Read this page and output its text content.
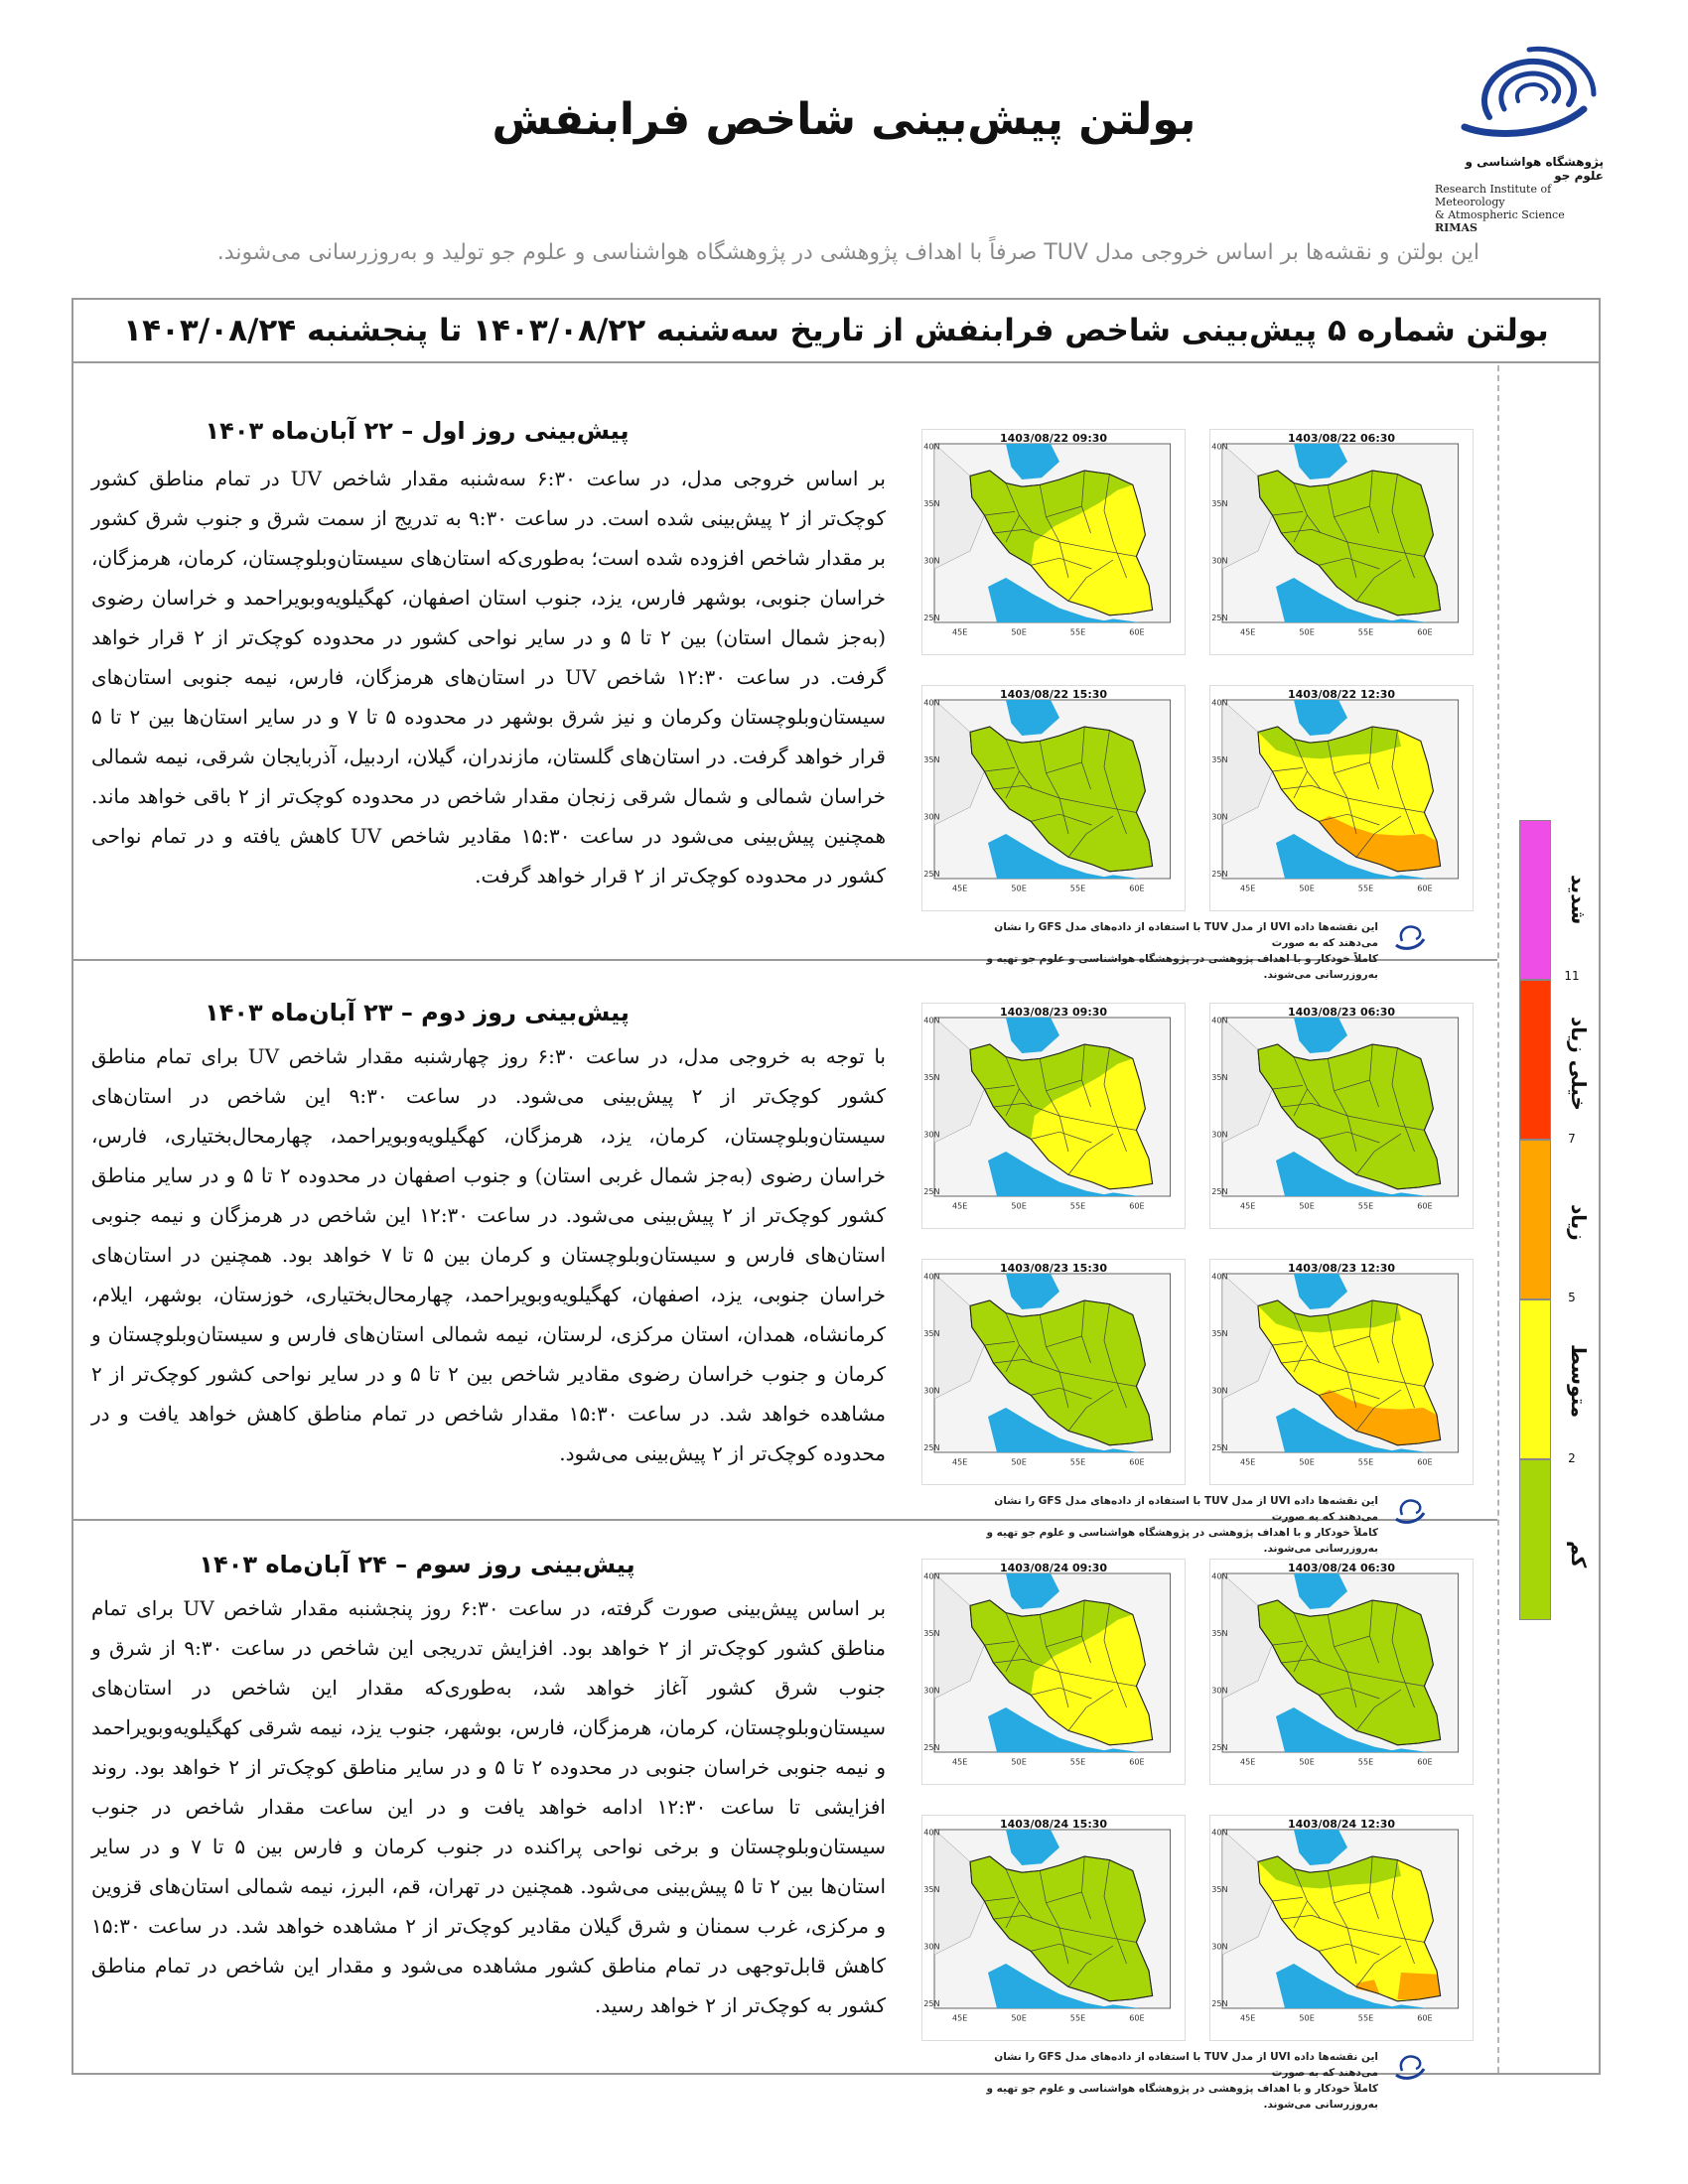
بولتن پیش‌بینی شاخص فرابنفش
پژوهشگاه هواشناسی و علوم جو
Research Institute of Meteorology
& Atmospheric Science RIMAS
این بولتن و نقشه‌ها بر اساس خروجی مدل TUV صرفاً با اهداف پژوهشی در پژوهشگاه هواشناسی و علوم جو تولید و به‌روزرسانی می‌شوند.
بولتن شماره ۵ پیش‌بینی شاخص فرابنفش از تاریخ سه‌شنبه ۱۴۰۳/۰۸/۲۲ تا پنجشنبه ۱۴۰۳/۰۸/۲۴
پیش‌بینی روز اول – ۲۲ آبان‌ماه ۱۴۰۳
بر اساس خروجی مدل، در ساعت ۶:۳۰ سه‌شنبه مقدار شاخص UV در تمام مناطق کشور کوچک‌تر از ۲ پیش‌بینی شده است. در ساعت ۹:۳۰ به تدریج از سمت شرق و جنوب شرق کشور بر مقدار شاخص افزوده شده است؛ به‌طوری‌که استان‌های سیستان‌وبلوچستان، کرمان، هرمزگان، خراسان جنوبی، بوشهر فارس، یزد، جنوب استان اصفهان، کهگیلویه‌وبویراحمد و خراسان رضوی (به‌جز شمال استان) بین ۲ تا ۵ و در سایر نواحی کشور در محدوده کوچک‌تر از ۲ قرار خواهد گرفت. در ساعت ۱۲:۳۰ شاخص UV در استان‌های هرمزگان، فارس، نیمه جنوبی استان‌های سیستان‌وبلوچستان وکرمان و نیز شرق بوشهر در محدوده ۵ تا ۷ و در سایر استان‌ها بین ۲ تا ۵ قرار خواهد گرفت. در استان‌های گلستان، مازندران، گیلان، اردبیل، آذربایجان شرقی، نیمه شمالی خراسان شمالی و شمال شرقی زنجان مقدار شاخص در محدوده کوچک‌تر از ۲ باقی خواهد ماند. همچنین پیش‌بینی می‌شود در ساعت ۱۵:۳۰ مقادیر شاخص UV کاهش یافته و در تمام نواحی کشور در محدوده کوچک‌تر از ۲ قرار خواهد گرفت.
40N
35N
30N
25N
45E	50E	55E	60E
1403/08/22 06:30
40N
35N
30N
25N
45E	50E	55E	60E
1403/08/22 09:30
40N
35N
30N
25N
45E	50E	55E	60E
1403/08/22 12:30
40N
35N
30N
25N
45E	50E	55E	60E
1403/08/22 15:30
این نقشه‌ها داده UVI از مدل TUV با استفاده از داده‌های مدل GFS را نشان می‌دهند که به صورت
کاملاً خودکار و با اهداف پژوهشی در پژوهشگاه هواشناسی و علوم جو تهیه و به‌روزرسانی می‌شوند.
پیش‌بینی روز دوم – ۲۳ آبان‌ماه ۱۴۰۳
با توجه به خروجی مدل، در ساعت ۶:۳۰ روز چهارشنبه مقدار شاخص UV برای تمام مناطق کشور کوچک‌تر از ۲ پیش‌بینی می‌شود. در ساعت ۹:۳۰ این شاخص در استان‌های سیستان‌وبلوچستان، کرمان، یزد، هرمزگان، کهگیلویه‌وبویراحمد، چهارمحال‌بختیاری، فارس، خراسان رضوی (به‌جز شمال غربی استان) و جنوب اصفهان در محدوده ۲ تا ۵ و در سایر مناطق کشور کوچک‌تر از ۲ پیش‌بینی می‌شود. در ساعت ۱۲:۳۰ این شاخص در هرمزگان و نیمه جنوبی استان‌های فارس و سیستان‌وبلوچستان و کرمان بین ۵ تا ۷ خواهد بود. همچنین در استان‌های خراسان جنوبی، یزد، اصفهان، کهگیلویه‌وبویراحمد، چهارمحال‌بختیاری، خوزستان، بوشهر، ایلام، کرمانشاه، همدان، استان مرکزی، لرستان، نیمه شمالی استان‌های فارس و سیستان‌وبلوچستان و کرمان و جنوب خراسان رضوی مقادیر شاخص بین ۲ تا ۵ و در سایر نواحی کشور کوچک‌تر از ۲ مشاهده خواهد شد. در ساعت ۱۵:۳۰ مقدار شاخص در تمام مناطق کاهش خواهد یافت و در محدوده کوچک‌تر از ۲ پیش‌بینی می‌شود.
40N
35N
30N
25N
45E	50E	55E	60E
1403/08/23 06:30
40N
35N
30N
25N
45E	50E	55E	60E
1403/08/23 09:30
40N
35N
30N
25N
45E	50E	55E	60E
1403/08/23 12:30
40N
35N
30N
25N
45E	50E	55E	60E
1403/08/23 15:30
این نقشه‌ها داده UVI از مدل TUV با استفاده از داده‌های مدل GFS را نشان می‌دهند که به صورت
کاملاً خودکار و با اهداف پژوهشی در پژوهشگاه هواشناسی و علوم جو تهیه و به‌روزرسانی می‌شوند.
پیش‌بینی روز سوم – ۲۴ آبان‌ماه ۱۴۰۳
بر اساس پیش‌بینی صورت گرفته، در ساعت ۶:۳۰ روز پنجشنبه مقدار شاخص UV برای تمام مناطق کشور کوچک‌تر از ۲ خواهد بود. افزایش تدریجی این شاخص در ساعت ۹:۳۰ از شرق و جنوب شرق کشور آغاز خواهد شد، به‌طوری‌که مقدار این شاخص در استان‌های سیستان‌وبلوچستان، کرمان، هرمزگان، فارس، بوشهر، جنوب یزد، نیمه شرقی کهگیلویه‌وبویراحمد و نیمه جنوبی خراسان جنوبی در محدوده ۲ تا ۵ و در سایر مناطق کوچک‌تر از ۲ خواهد بود. روند افزایشی تا ساعت ۱۲:۳۰ ادامه خواهد یافت و در این ساعت مقدار شاخص در جنوب سیستان‌وبلوچستان و برخی نواحی پراکنده در جنوب کرمان و فارس بین ۵ تا ۷ و در سایر استان‌ها بین ۲ تا ۵ پیش‌بینی می‌شود. همچنین در تهران، قم، البرز، نیمه شمالی استان‌های قزوین و مرکزی، غرب سمنان و شرق گیلان مقادیر کوچک‌تر از ۲ مشاهده خواهد شد. در ساعت ۱۵:۳۰ کاهش قابل‌توجهی در تمام مناطق کشور مشاهده می‌شود و مقدار این شاخص در تمام مناطق کشور به کوچک‌تر از ۲ خواهد رسید.
40N
35N
30N
25N
45E	50E	55E	60E
1403/08/24 06:30
40N
35N
30N
25N
45E	50E	55E	60E
1403/08/24 09:30
40N
35N
30N
25N
45E	50E	55E	60E
1403/08/24 12:30
40N
35N
30N
25N
45E	50E	55E	60E
1403/08/24 15:30
این نقشه‌ها داده UVI از مدل TUV با استفاده از داده‌های مدل GFS را نشان می‌دهند که به صورت
کاملاً خودکار و با اهداف پژوهشی در پژوهشگاه هواشناسی و علوم جو تهیه و به‌روزرسانی می‌شوند.
شدید
خیلی زیاد
زیاد
متوسط
کم
11
7
5
2
